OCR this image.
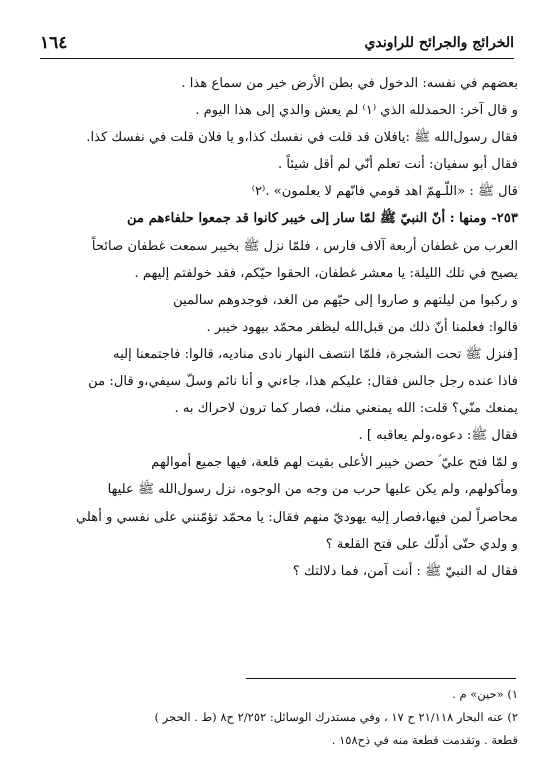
الخرائج والجرائح للراوندي
١٦٤

بعضهم في نفسه: الدخول في بطن الأرض خير من سماع هذا .

و قال آخر: الحمدلله الذي ⁽١⁾ لم يعش والدي إلى هذا اليوم .

فقال رسول‌الله ﷺ :يافلان قد قلت في نفسك كذا،و يا فلان قلت في نفسك كذا.

فقال أبو سفيان: أنت تعلم أنّي لم أقل شيئاً .

قال ﷺ : «اللّـهمّ اهد قومي فانّهم لا يعلمون» .⁽٢⁾

٢٥٣- ومنها : أنّ النبيّ ﷺ لمّا سار إلى خيبر كانوا قد جمعوا حلفاءهم من

العرب من غطفان أربعة آلاف فارس ، فلمّا نزل ﷺ بخيبر سمعت غطفان صائحاً

يصيح في تلك الليلة: يا معشر غطفان، الحقوا حيّكم، فقد خولفتم إليهم .

و ركبوا من ليلتهم و صاروا إلى حيّهم من الغد، فوجدوهم سالمين

قالوا: فعلمنا أنّ ذلك من قبل‌الله ليظفر محمّد بيهود خيبر .

[فنزل ﷺ تحت الشجرة، فلمّا انتصف النهار نادى مناديه، قالوا: فاجتمعنا إليه

فاذا عنده رجل جالس فقال: عليكم هذا، جاءني و أنا نائم وسلّ سيفي،و قال: من

يمنعك منّي؟ قلت: الله يمنعني منك، فصار كما ترون لاحراك به .

فقال ﷺ: دعوه،ولم يعاقبه ] .

و لمّا فتح عليّ ؑ حصن خيبر الأعلى بقيت لهم قلعة، فيها جميع أموالهم

ومأكولهم، ولم يكن عليها حرب من وجه من الوجوه، نزل رسول‌الله ﷺ عليها

محاصراً لمن فيها،فصار إليه يهوديّ منهم فقال: يا محمّد تؤمّنني على نفسي و أهلي

و ولدي حتّى أدلّك على فتح القلعة ؟

فقال له النبيّ ﷺ : أنت آمن، فما دلالتك ؟

١) «حين» م .

٢) عنه البحار ٢١/١١٨ ح ١٧ ، وفي مستدرك الوسائل: ٢/٢٥٢ ح٨ (ط . الحجر )

قطعة . وتقدمت قطعة منه في ذح١٥٨ .
